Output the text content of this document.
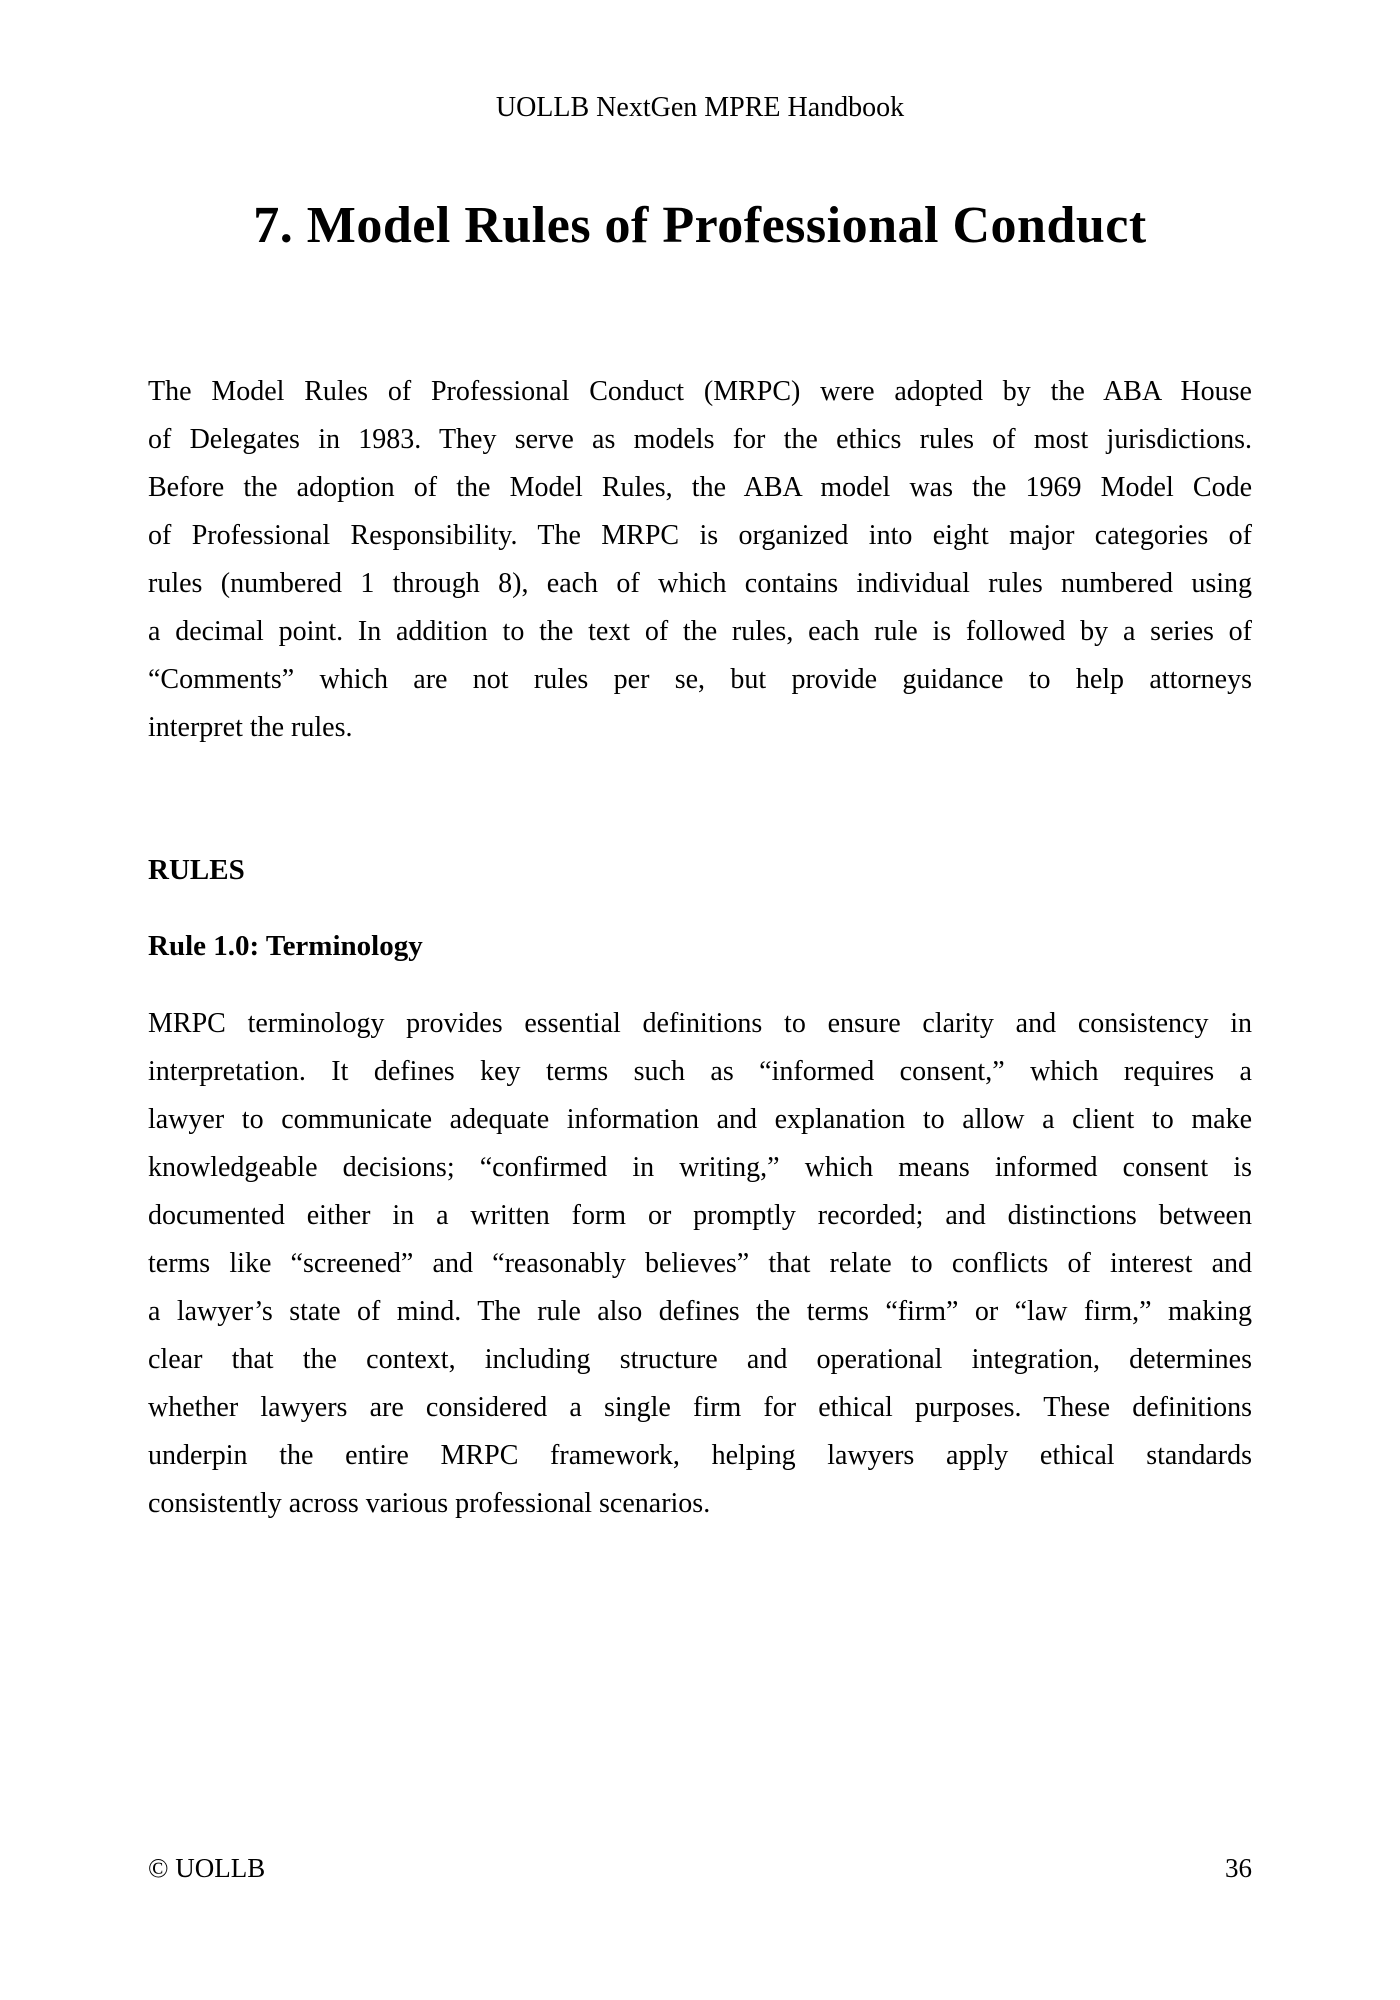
UOLLB NextGen MPRE Handbook
7. Model Rules of Professional Conduct
The Model Rules of Professional Conduct (MRPC) were adopted by the ABA House
of Delegates in 1983. They serve as models for the ethics rules of most jurisdictions.
Before the adoption of the Model Rules, the ABA model was the 1969 Model Code
of Professional Responsibility. The MRPC is organized into eight major categories of
rules (numbered 1 through 8), each of which contains individual rules numbered using
a decimal point. In addition to the text of the rules, each rule is followed by a series of
“Comments” which are not rules per se, but provide guidance to help attorneys
interpret the rules.
RULES
Rule 1.0: Terminology
MRPC terminology provides essential definitions to ensure clarity and consistency in
interpretation. It defines key terms such as “informed consent,” which requires a
lawyer to communicate adequate information and explanation to allow a client to make
knowledgeable decisions; “confirmed in writing,” which means informed consent is
documented either in a written form or promptly recorded; and distinctions between
terms like “screened” and “reasonably believes” that relate to conflicts of interest and
a lawyer’s state of mind. The rule also defines the terms “firm” or “law firm,” making
clear that the context, including structure and operational integration, determines
whether lawyers are considered a single firm for ethical purposes. These definitions
underpin the entire MRPC framework, helping lawyers apply ethical standards
consistently across various professional scenarios.
© UOLLB	36
